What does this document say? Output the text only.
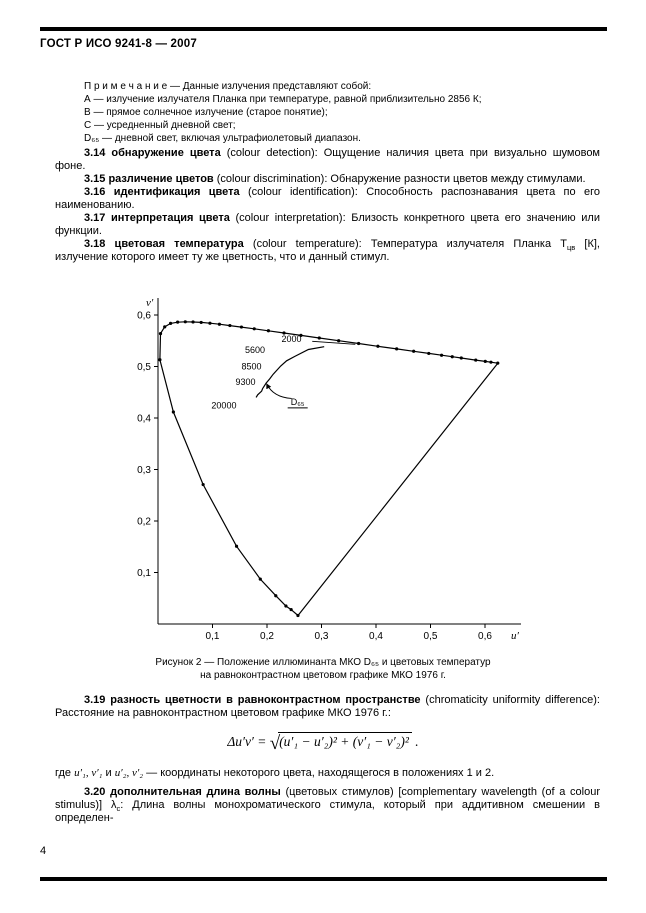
ГОСТ Р ИСО 9241-8 — 2007
П р и м е ч а н и е — Данные излучения представляют собой:
А — излучение излучателя Планка при температуре, равной приблизительно 2856 К;
В — прямое солнечное излучение (старое понятие);
С — усредненный дневной свет;
D₆₅ — дневной свет, включая ультрафиолетовый диапазон.

3.14 обнаружение цвета (colour detection): Ощущение наличия цвета при визуально шумовом фоне.

3.15 различение цветов (colour discrimination): Обнаружение разности цветов между стимулами.

3.16 идентификация цвета (colour identification): Способность распознавания цвета по его наименованию.

3.17 интерпретация цвета (colour interpretation): Близость конкретного цвета его значению или функции.

3.18 цветовая температура (colour temperature): Температура излучателя Планка $Т_{цв}$ [К], излучение которого имеет ту же цветность, что и данный стимул.

0,1	0,2	0,3	0,4	0,5	0,6
0,1
0,2
0,3
0,4
0,5
0,6
v′
u′
2000
5600
8500
9300
20000	D₆₅
Рисунок 2 — Положение иллюминанта МКО D₆₅ и цветовых температур
на равноконтрастном цветовом графике МКО 1976 г.

3.19 разность цветности в равноконтрастном пространстве (chromaticity uniformity difference): Расстояние на равноконтрастном цветовом графике МКО 1976 г.:

Δu′v′ = √(u′₁ − u′₂)² + (v′₁ − v′₂)² .
где u′₁, v′₁ и u′₂, v′₂ — координаты некоторого цвета, находящегося в положениях 1 и 2.

3.20 дополнительная длина волны (цветовых стимулов) [complementary wavelength (of a colour stimulus)] $\lambda_с$: Длина волны монохроматического стимула, который при аддитивном смешении в определен-

4
